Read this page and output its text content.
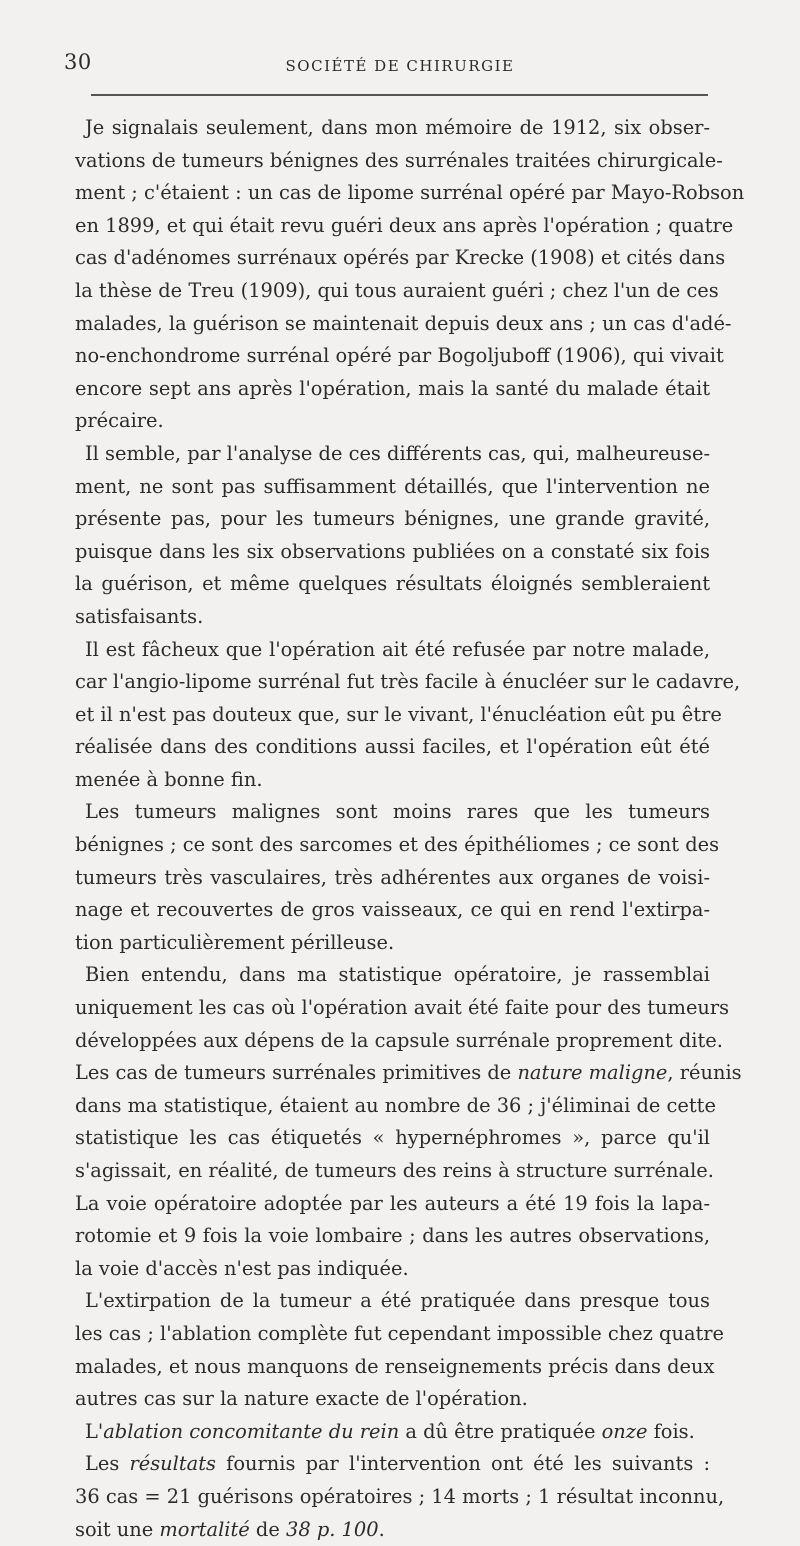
30	SOCIÉTÉ DE CHIRURGIE
Je signalais seulement, dans mon mémoire de 1912, six obser-
vations de tumeurs bénignes des surrénales traitées chirurgicale-
ment ; c'étaient : un cas de lipome surrénal opéré par Mayo-Robson
en 1899, et qui était revu guéri deux ans après l'opération ; quatre
cas d'adénomes surrénaux opérés par Krecke (1908) et cités dans
la thèse de Treu (1909), qui tous auraient guéri ; chez l'un de ces
malades, la guérison se maintenait depuis deux ans ; un cas d'adé-
no-enchondrome surrénal opéré par Bogoljuboff (1906), qui vivait
encore sept ans après l'opération, mais la santé du malade était
précaire.
Il semble, par l'analyse de ces différents cas, qui, malheureuse-
ment, ne sont pas suffisamment détaillés, que l'intervention ne
présente pas, pour les tumeurs bénignes, une grande gravité,
puisque dans les six observations publiées on a constaté six fois
la guérison, et même quelques résultats éloignés sembleraient
satisfaisants.
Il est fâcheux que l'opération ait été refusée par notre malade,
car l'angio-lipome surrénal fut très facile à énucléer sur le cadavre,
et il n'est pas douteux que, sur le vivant, l'énucléation eût pu être
réalisée dans des conditions aussi faciles, et l'opération eût été
menée à bonne fin.
Les tumeurs malignes sont moins rares que les tumeurs
bénignes ; ce sont des sarcomes et des épithéliomes ; ce sont des
tumeurs très vasculaires, très adhérentes aux organes de voisi-
nage et recouvertes de gros vaisseaux, ce qui en rend l'extirpa-
tion particulièrement périlleuse.
Bien entendu, dans ma statistique opératoire, je rassemblai
uniquement les cas où l'opération avait été faite pour des tumeurs
développées aux dépens de la capsule surrénale proprement dite.
Les cas de tumeurs surrénales primitives de nature maligne, réunis
dans ma statistique, étaient au nombre de 36 ; j'éliminai de cette
statistique les cas étiquetés « hypernéphromes », parce qu'il
s'agissait, en réalité, de tumeurs des reins à structure surrénale.
La voie opératoire adoptée par les auteurs a été 19 fois la lapa-
rotomie et 9 fois la voie lombaire ; dans les autres observations,
la voie d'accès n'est pas indiquée.
L'extirpation de la tumeur a été pratiquée dans presque tous
les cas ; l'ablation complète fut cependant impossible chez quatre
malades, et nous manquons de renseignements précis dans deux
autres cas sur la nature exacte de l'opération.
L'ablation concomitante du rein a dû être pratiquée onze fois.
Les résultats fournis par l'intervention ont été les suivants :
36 cas = 21 guérisons opératoires ; 14 morts ; 1 résultat inconnu,
soit une mortalité de 38 p. 100.
